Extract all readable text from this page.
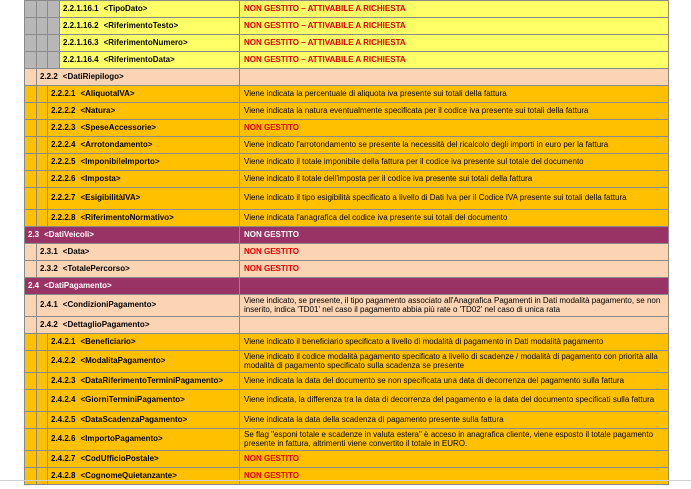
			2.2.1.16.1 <TipoDato>	NON GESTITO – ATTIVABILE A RICHIESTA
			2.2.1.16.2 <RiferimentoTesto>	NON GESTITO – ATTIVABILE A RICHIESTA
			2.2.1.16.3 <RiferimentoNumero>	NON GESTITO – ATTIVABILE A RICHIESTA
			2.2.1.16.4 <RiferimentoData>	NON GESTITO – ATTIVABILE A RICHIESTA
	2.2.2 <DatiRiepilogo>			
		2.2.2.1 <AliquotaIVA>		Viene indicata la percentuale di aliquota iva presente sui totali della fattura
		2.2.2.2 <Natura>		Viene indicata la natura eventualmente specificata per il codice iva presente sui totali della fattura
		2.2.2.3 <SpeseAccessorie>		NON GESTITO
		2.2.2.4 <Arrotondamento>		Viene indicato l'arrotondamento se presente la necessità del ricalcolo degli importi in euro per la fattura
		2.2.2.5 <ImponibileImporto>		Viene indicato il totale imponibile della fattura per il codice iva presente sul totale del documento
		2.2.2.6 <Imposta>		Viene indicato il totale dell'imposta per il codice iva presente sui totali della fattura
		2.2.2.7 <EsigibilitàIVA>		Viene indicato il tipo esigibilità specificato a livello di Dati Iva per il Codice IVA presente sui totali della fattura
		2.2.2.8 <RiferimentoNormativo>		Viene indicata l'anagrafica del codice iva presente sui totali del documento
2.3 <DatiVeicoli>				NON GESTITO
	2.3.1 <Data>			NON GESTITO
	2.3.2 <TotalePercorso>			NON GESTITO
2.4 <DatiPagamento>				
	2.4.1 <CondizioniPagamento>			Viene indicato, se presente, il tipo pagamento associato all'Anagrafica Pagamenti in Dati modalità pagamento, se non inserito, indica 'TD01' nel caso il pagamento abbia più rate o 'TD02' nel caso di unica rata
	2.4.2 <DettaglioPagamento>			
		2.4.2.1 <Beneficiario>		Viene indicato il beneficiario specificato a livello di modalità di pagamento in Dati modalità pagamento
		2.4.2.2 <ModalitaPagamento>		Viene indicato il codice modalità pagamento specificato a livello di scadenze / modalità di pagamento con priorità alla modalità di pagamento specificato sulla scadenza se presente
		2.4.2.3 <DataRiferimentoTerminiPagamento>		Viene indicata la data del documento se non specificata una data di decorrenza del pagamento sulla fattura
		2.4.2.4 <GiorniTerminiPagamento>		Viene indicata, la differenza tra la data di decorrenza del pagamento e la data del documento specificati sulla fattura
		2.4.2.5 <DataScadenzaPagamento>		Viene indicata la data della scadenza di pagamento presente sulla fattura
		2.4.2.6 <ImportoPagamento>		Se flag "esponi totale e scadenze in valuta estera" è acceso in anagrafica cliente, viene esposto il totale pagamento presente in fattura, altrimenti viene convertito il totale in EURO.
		2.4.2.7 <CodUfficioPostale>		NON GESTITO
		2.4.2.8 <CognomeQuietanzante>		NON GESTITO
